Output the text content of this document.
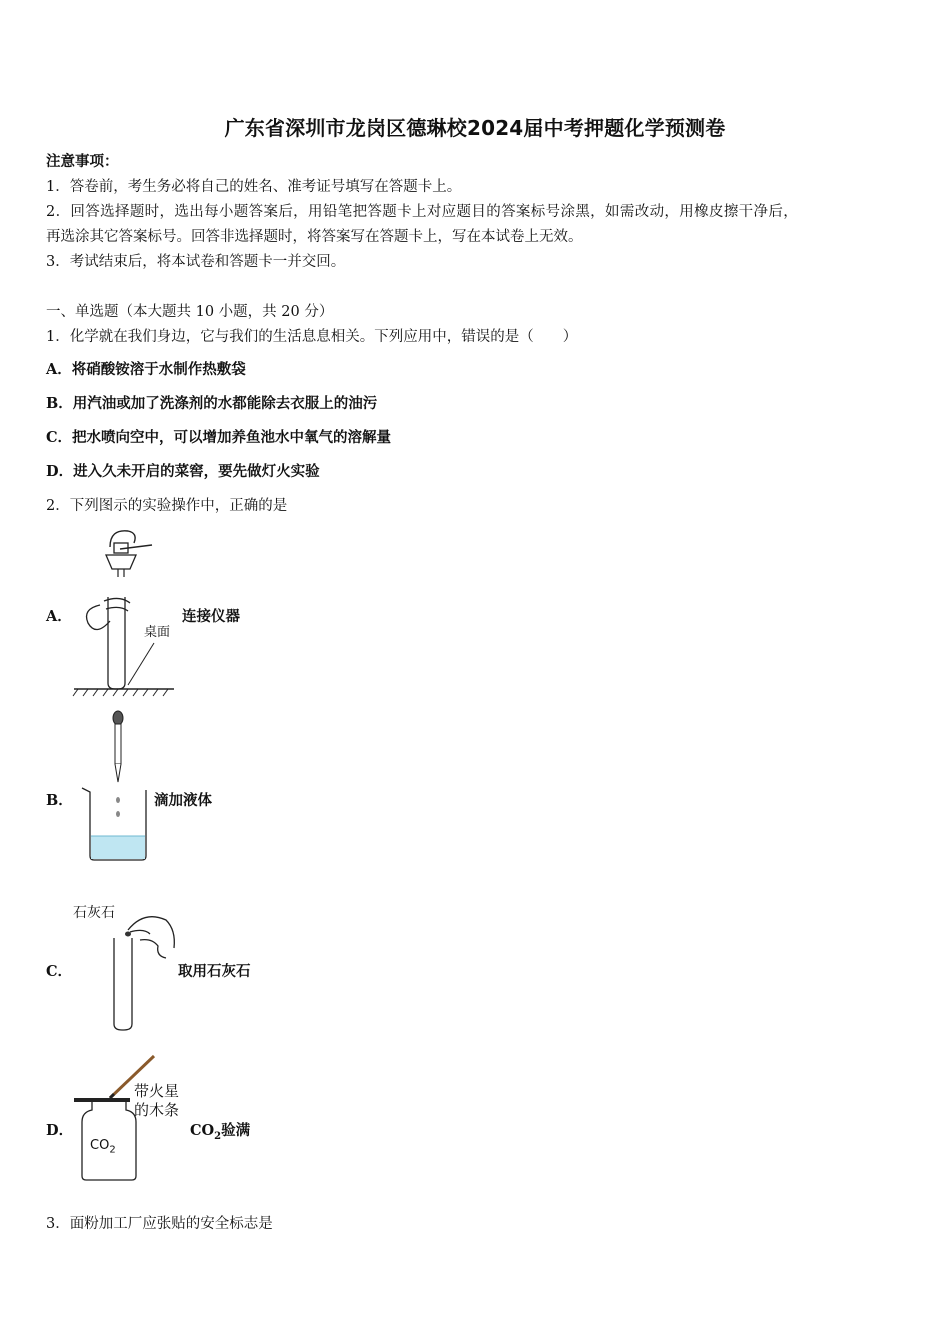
广东省深圳市龙岗区德琳校2024届中考押题化学预测卷
注意事项：
1．答卷前，考生务必将自己的姓名、准考证号填写在答题卡上。
2．回答选择题时，选出每小题答案后，用铅笔把答题卡上对应题目的答案标号涂黑，如需改动，用橡皮擦干净后，
再选涂其它答案标号。回答非选择题时，将答案写在答题卡上，写在本试卷上无效。
3．考试结束后，将本试卷和答题卡一并交回。
一、单选题（本大题共 10 小题，共 20 分）
1．化学就在我们身边，它与我们的生活息息相关。下列应用中，错误的是（　　）
A．将硝酸铵溶于水制作热敷袋
B．用汽油或加了洗涤剂的水都能除去衣服上的油污
C．把水喷向空中，可以增加养鱼池水中氧气的溶解量
D．进入久未开启的菜窖，要先做灯火实验
2．下列图示的实验操作中，正确的是
A．
桌面
连接仪器
B．	滴加液体
C．
石灰石
取用石灰石
D．
$CO_2$
带火星
的木条
$CO_2$验满
3．面粉加工厂应张贴的安全标志是
